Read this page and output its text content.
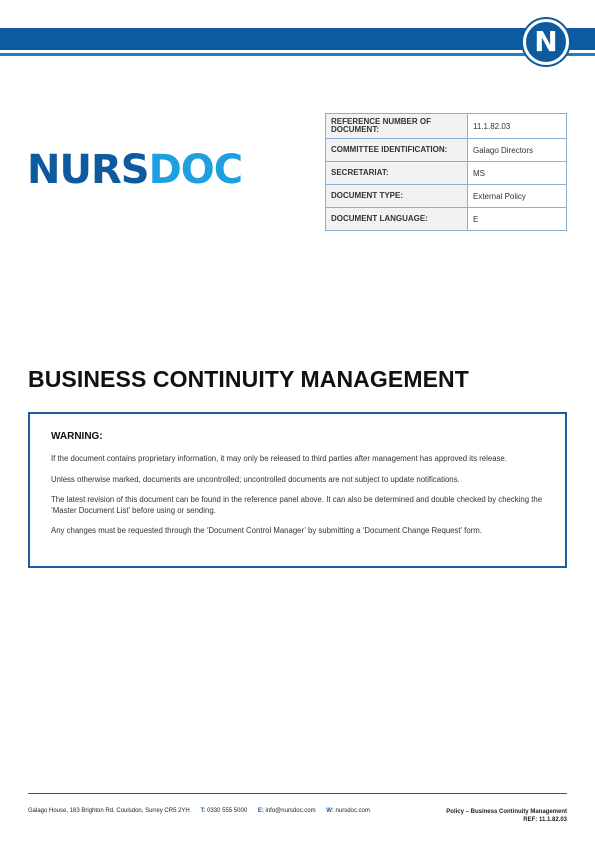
N
NURSDOC
REFERENCE NUMBER OF DOCUMENT:	11.1.82.03
COMMITTEE IDENTIFICATION:	Galago Directors
SECRETARIAT:	MS
DOCUMENT TYPE:	External Policy
DOCUMENT LANGUAGE:	E
BUSINESS CONTINUITY MANAGEMENT
WARNING:

If the document contains proprietary information, it may only be released to third parties after management has approved its release.

Unless otherwise marked, documents are uncontrolled; uncontrolled documents are not subject to update notifications.

The latest revision of this document can be found in the reference panel above. It can also be determined and double checked by checking the ‘Master Document List’ before using or sending.

Any changes must be requested through the ‘Document Control Manager’ by submitting a ‘Document Change Request’ form.

Galago House, 163 Brighton Rd, Coulsdon, Surrey CR5 2YH T: 0330 555 5000 E: info@nursdoc.com W: nursdoc.com	Policy – Business Continuity Management
REF: 11.1.82.03
